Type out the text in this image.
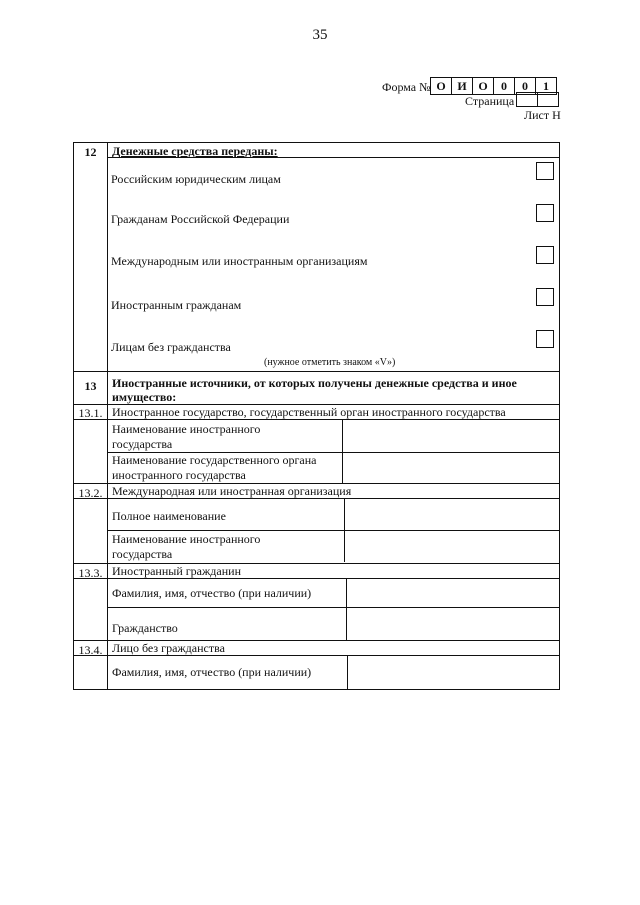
35
Форма № О И О	0	0	1
Страница
Лист Н
12	Денежные средства переданы:
Российским юридическим лицам
Гражданам Российской Федерации
Международным или иностранным организациям
Иностранным гражданам
Лицам без гражданства
(нужное отметить знаком «V»)
13	Иностранные источники, от которых получены денежные средства и иное
имущество:
13.1. Иностранное государство, государственный орган иностранного государства
Наименование иностранного
государства
Наименование государственного органа
иностранного государства
13.2. Международная или иностранная организация
Полное наименование
Наименование иностранного
государства
13.3. Иностранный гражданин
Фамилия, имя, отчество (при наличии)
Гражданство
13.4. Лицо без гражданства
Фамилия, имя, отчество (при наличии)
